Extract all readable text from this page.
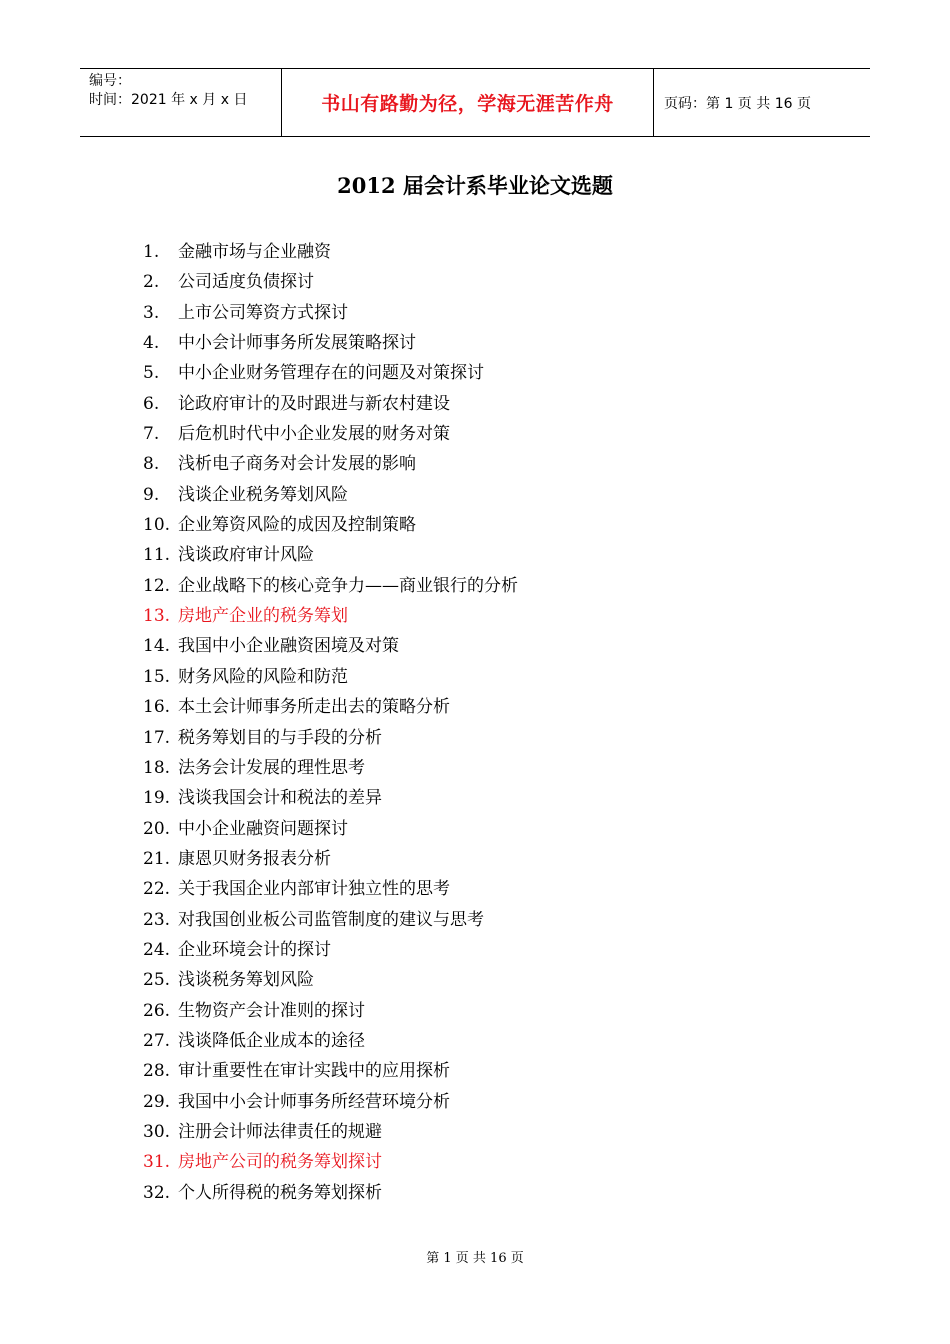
编号：
时间：2021 年 x 月 x 日	书山有路勤为径，学海无涯苦作舟	页码：第 1 页 共 16 页
2012 届会计系毕业论文选题
1. 金融市场与企业融资
2. 公司适度负债探讨
3. 上市公司筹资方式探讨
4. 中小会计师事务所发展策略探讨
5. 中小企业财务管理存在的问题及对策探讨
6. 论政府审计的及时跟进与新农村建设
7. 后危机时代中小企业发展的财务对策
8. 浅析电子商务对会计发展的影响
9. 浅谈企业税务筹划风险
10. 企业筹资风险的成因及控制策略
11. 浅谈政府审计风险
12. 企业战略下的核心竞争力——商业银行的分析
13. 房地产企业的税务筹划
14. 我国中小企业融资困境及对策
15. 财务风险的风险和防范
16. 本土会计师事务所走出去的策略分析
17. 税务筹划目的与手段的分析
18. 法务会计发展的理性思考
19. 浅谈我国会计和税法的差异
20. 中小企业融资问题探讨
21. 康恩贝财务报表分析
22. 关于我国企业内部审计独立性的思考
23. 对我国创业板公司监管制度的建议与思考
24. 企业环境会计的探讨
25. 浅谈税务筹划风险
26. 生物资产会计准则的探讨
27. 浅谈降低企业成本的途径
28. 审计重要性在审计实践中的应用探析
29. 我国中小会计师事务所经营环境分析
30. 注册会计师法律责任的规避
31. 房地产公司的税务筹划探讨
32. 个人所得税的税务筹划探析
第 1 页 共 16 页
